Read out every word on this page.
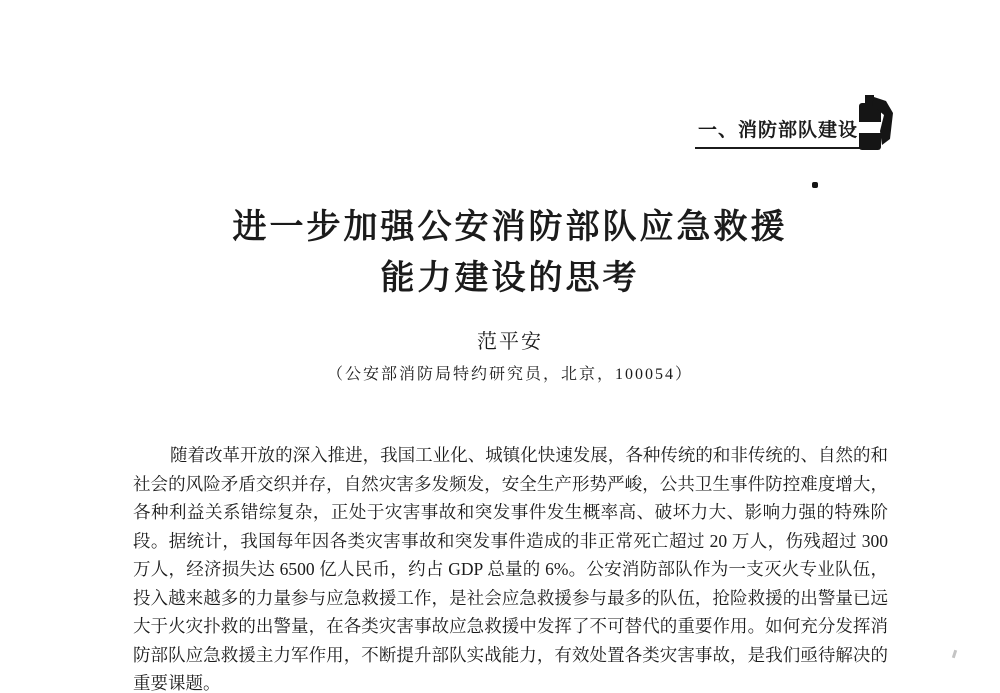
一、消防部队建设
进一步加强公安消防部队应急救援
能力建设的思考
范平安
（公安部消防局特约研究员，北京，100054）
随着改革开放的深入推进，我国工业化、城镇化快速发展，各种传统的和非传统的、自然的和
社会的风险矛盾交织并存，自然灾害多发频发，安全生产形势严峻，公共卫生事件防控难度增大，
各种利益关系错综复杂，正处于灾害事故和突发事件发生概率高、破坏力大、影响力强的特殊阶
段。据统计，我国每年因各类灾害事故和突发事件造成的非正常死亡超过 20 万人，伤残超过 300
万人，经济损失达 6500 亿人民币，约占 GDP 总量的 6%。公安消防部队作为一支灭火专业队伍，
投入越来越多的力量参与应急救援工作，是社会应急救援参与最多的队伍，抢险救援的出警量已远
大于火灾扑救的出警量，在各类灾害事故应急救援中发挥了不可替代的重要作用。如何充分发挥消
防部队应急救援主力军作用，不断提升部队实战能力，有效处置各类灾害事故，是我们亟待解决的
重要课题。
